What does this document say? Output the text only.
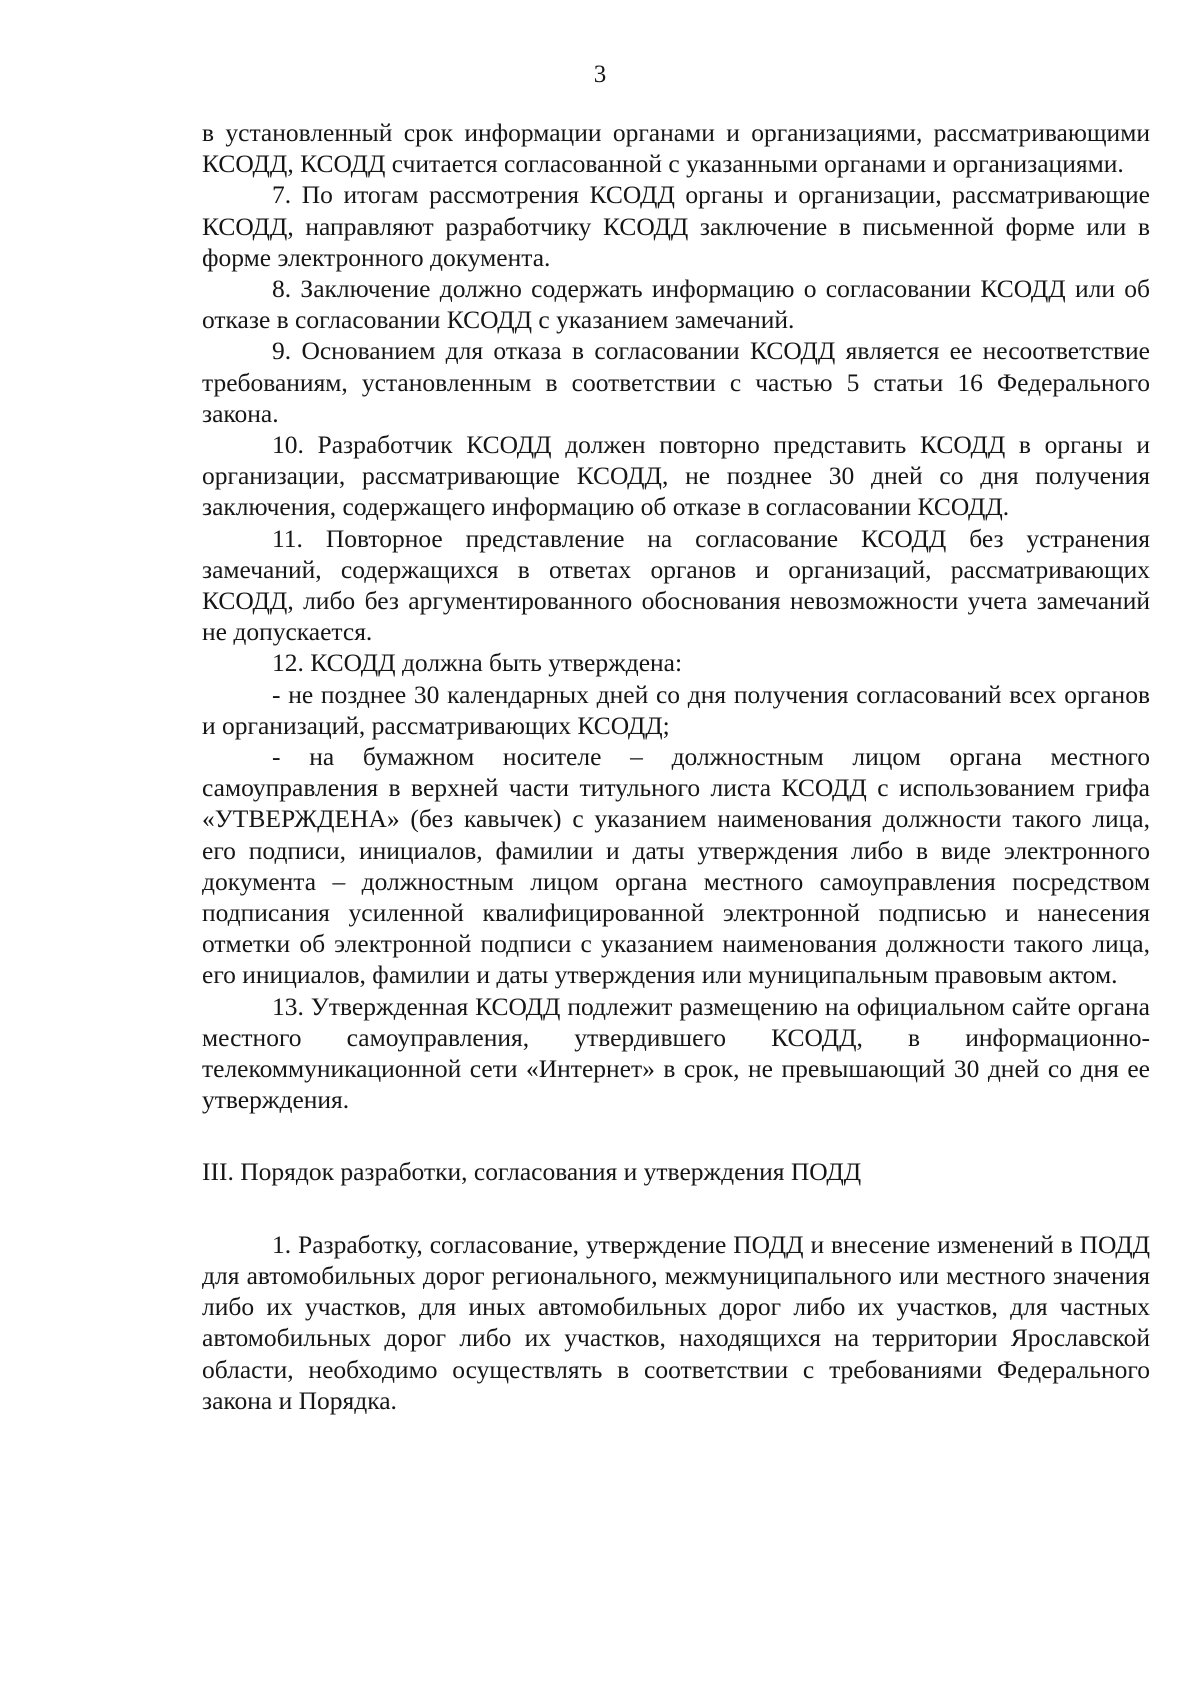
3

в установленный срок информации органами и организациями, рассматривающими КСОДД, КСОДД считается согласованной с указанными органами и организациями.

7. По итогам рассмотрения КСОДД органы и организации, рассматривающие КСОДД, направляют разработчику КСОДД заключение в письменной форме или в форме электронного документа.

8. Заключение должно содержать информацию о согласовании КСОДД или об отказе в согласовании КСОДД с указанием замечаний.

9. Основанием для отказа в согласовании КСОДД является ее несоответствие требованиям, установленным в соответствии с частью 5 статьи 16 Федерального закона.

10. Разработчик КСОДД должен повторно представить КСОДД в органы и организации, рассматривающие КСОДД, не позднее 30 дней со дня получения заключения, содержащего информацию об отказе в согласовании КСОДД.

11. Повторное представление на согласование КСОДД без устранения замечаний, содержащихся в ответах органов и организаций, рассматривающих КСОДД, либо без аргументированного обоснования невозможности учета замечаний не допускается.

12. КСОДД должна быть утверждена:

- не позднее 30 календарных дней со дня получения согласований всех органов и организаций, рассматривающих КСОДД;

- на бумажном носителе – должностным лицом органа местного самоуправления в верхней части титульного листа КСОДД с использованием грифа «УТВЕРЖДЕНА» (без кавычек) с указанием наименования должности такого лица, его подписи, инициалов, фамилии и даты утверждения либо в виде электронного документа – должностным лицом органа местного самоуправления посредством подписания усиленной квалифицированной электронной подписью и нанесения отметки об электронной подписи с указанием наименования должности такого лица, его инициалов, фамилии и даты утверждения или муниципальным правовым актом.

13. Утвержденная КСОДД подлежит размещению на официальном сайте органа местного самоуправления, утвердившего КСОДД, в информационно-телекоммуникационной сети «Интернет» в срок, не превышающий 30 дней со дня ее утверждения.

III. Порядок разработки, согласования и утверждения ПОДД

1. Разработку, согласование, утверждение ПОДД и внесение изменений в ПОДД для автомобильных дорог регионального, межмуниципального или местного значения либо их участков, для иных автомобильных дорог либо их участков, для частных автомобильных дорог либо их участков, находящихся на территории Ярославской области, необходимо осуществлять в соответствии с требованиями Федерального закона и Порядка.
